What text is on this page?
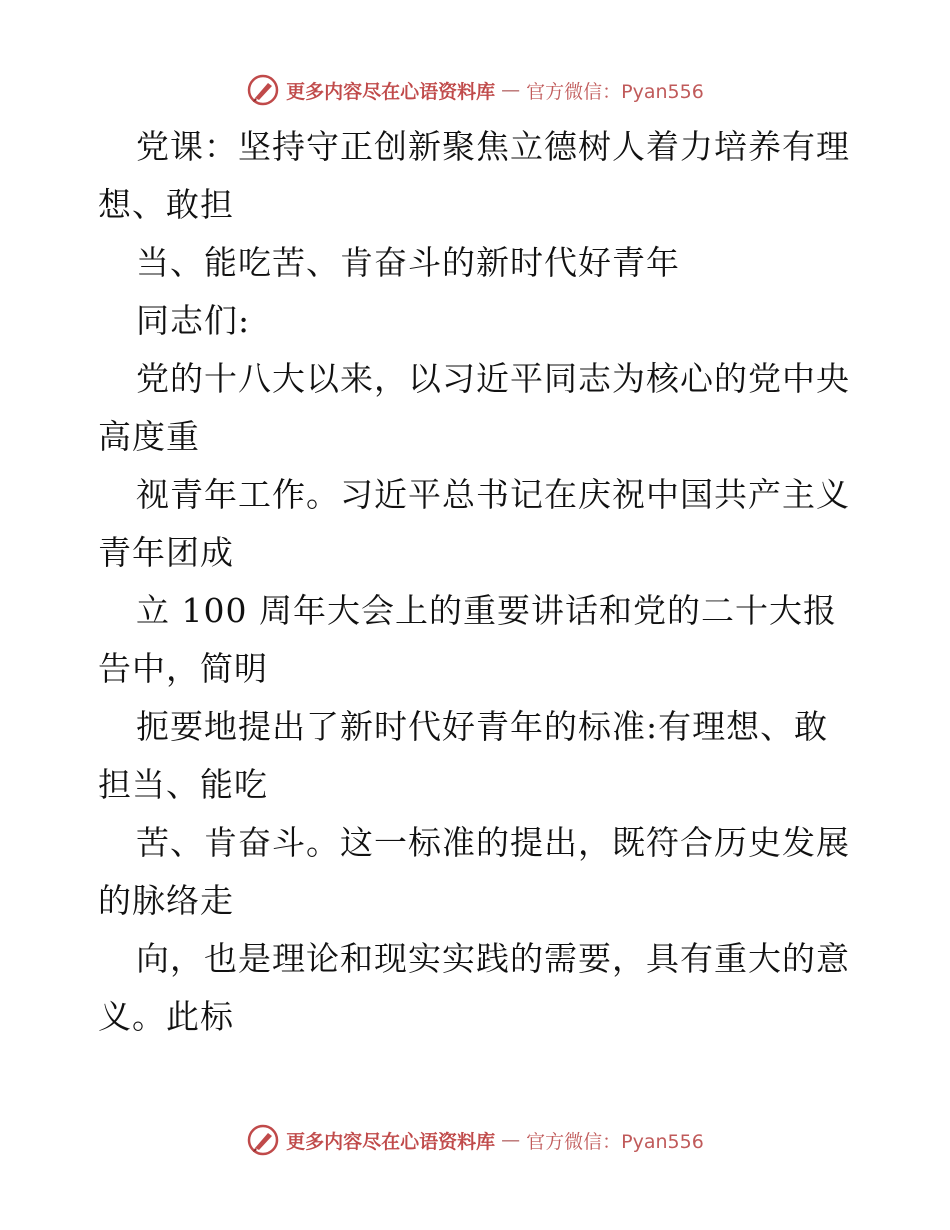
更多内容尽在心语资料库 — 官方微信：Pyan556
党课：坚持守正创新聚焦立德树人着力培养有理
想、敢担
当、能吃苦、肯奋斗的新时代好青年
同志们:
党的十八大以来，以习近平同志为核心的党中央
高度重
视青年工作。习近平总书记在庆祝中国共产主义
青年团成
立 100 周年大会上的重要讲话和党的二十大报
告中，简明
扼要地提出了新时代好青年的标准:有理想、敢
担当、能吃
苦、肯奋斗。这一标准的提出，既符合历史发展
的脉络走
向，也是理论和现实实践的需要，具有重大的意
义。此标
更多内容尽在心语资料库 — 官方微信：Pyan556
